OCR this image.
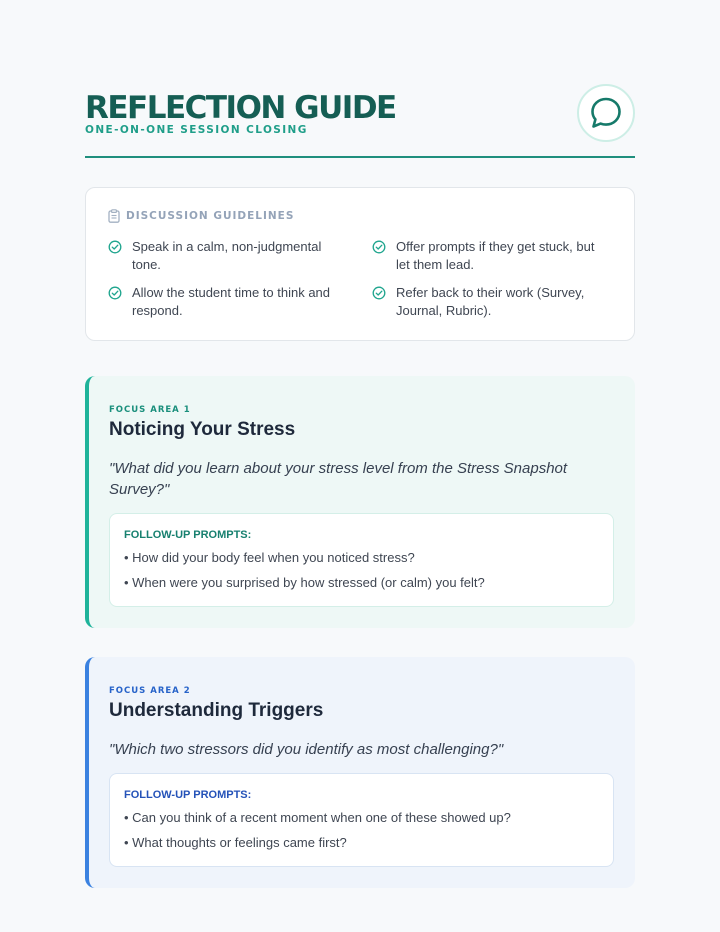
REFLECTION GUIDE
ONE-ON-ONE SESSION CLOSING
DISCUSSION GUIDELINES
Speak in a calm, non-judgmental tone.
Offer prompts if they get stuck, but let them lead.
Allow the student time to think and respond.
Refer back to their work (Survey, Journal, Rubric).
FOCUS AREA 1
Noticing Your Stress
"What did you learn about your stress level from the Stress Snapshot Survey?"
FOLLOW-UP PROMPTS:
• How did your body feel when you noticed stress?
• When were you surprised by how stressed (or calm) you felt?
FOCUS AREA 2
Understanding Triggers
"Which two stressors did you identify as most challenging?"
FOLLOW-UP PROMPTS:
• Can you think of a recent moment when one of these showed up?
• What thoughts or feelings came first?
